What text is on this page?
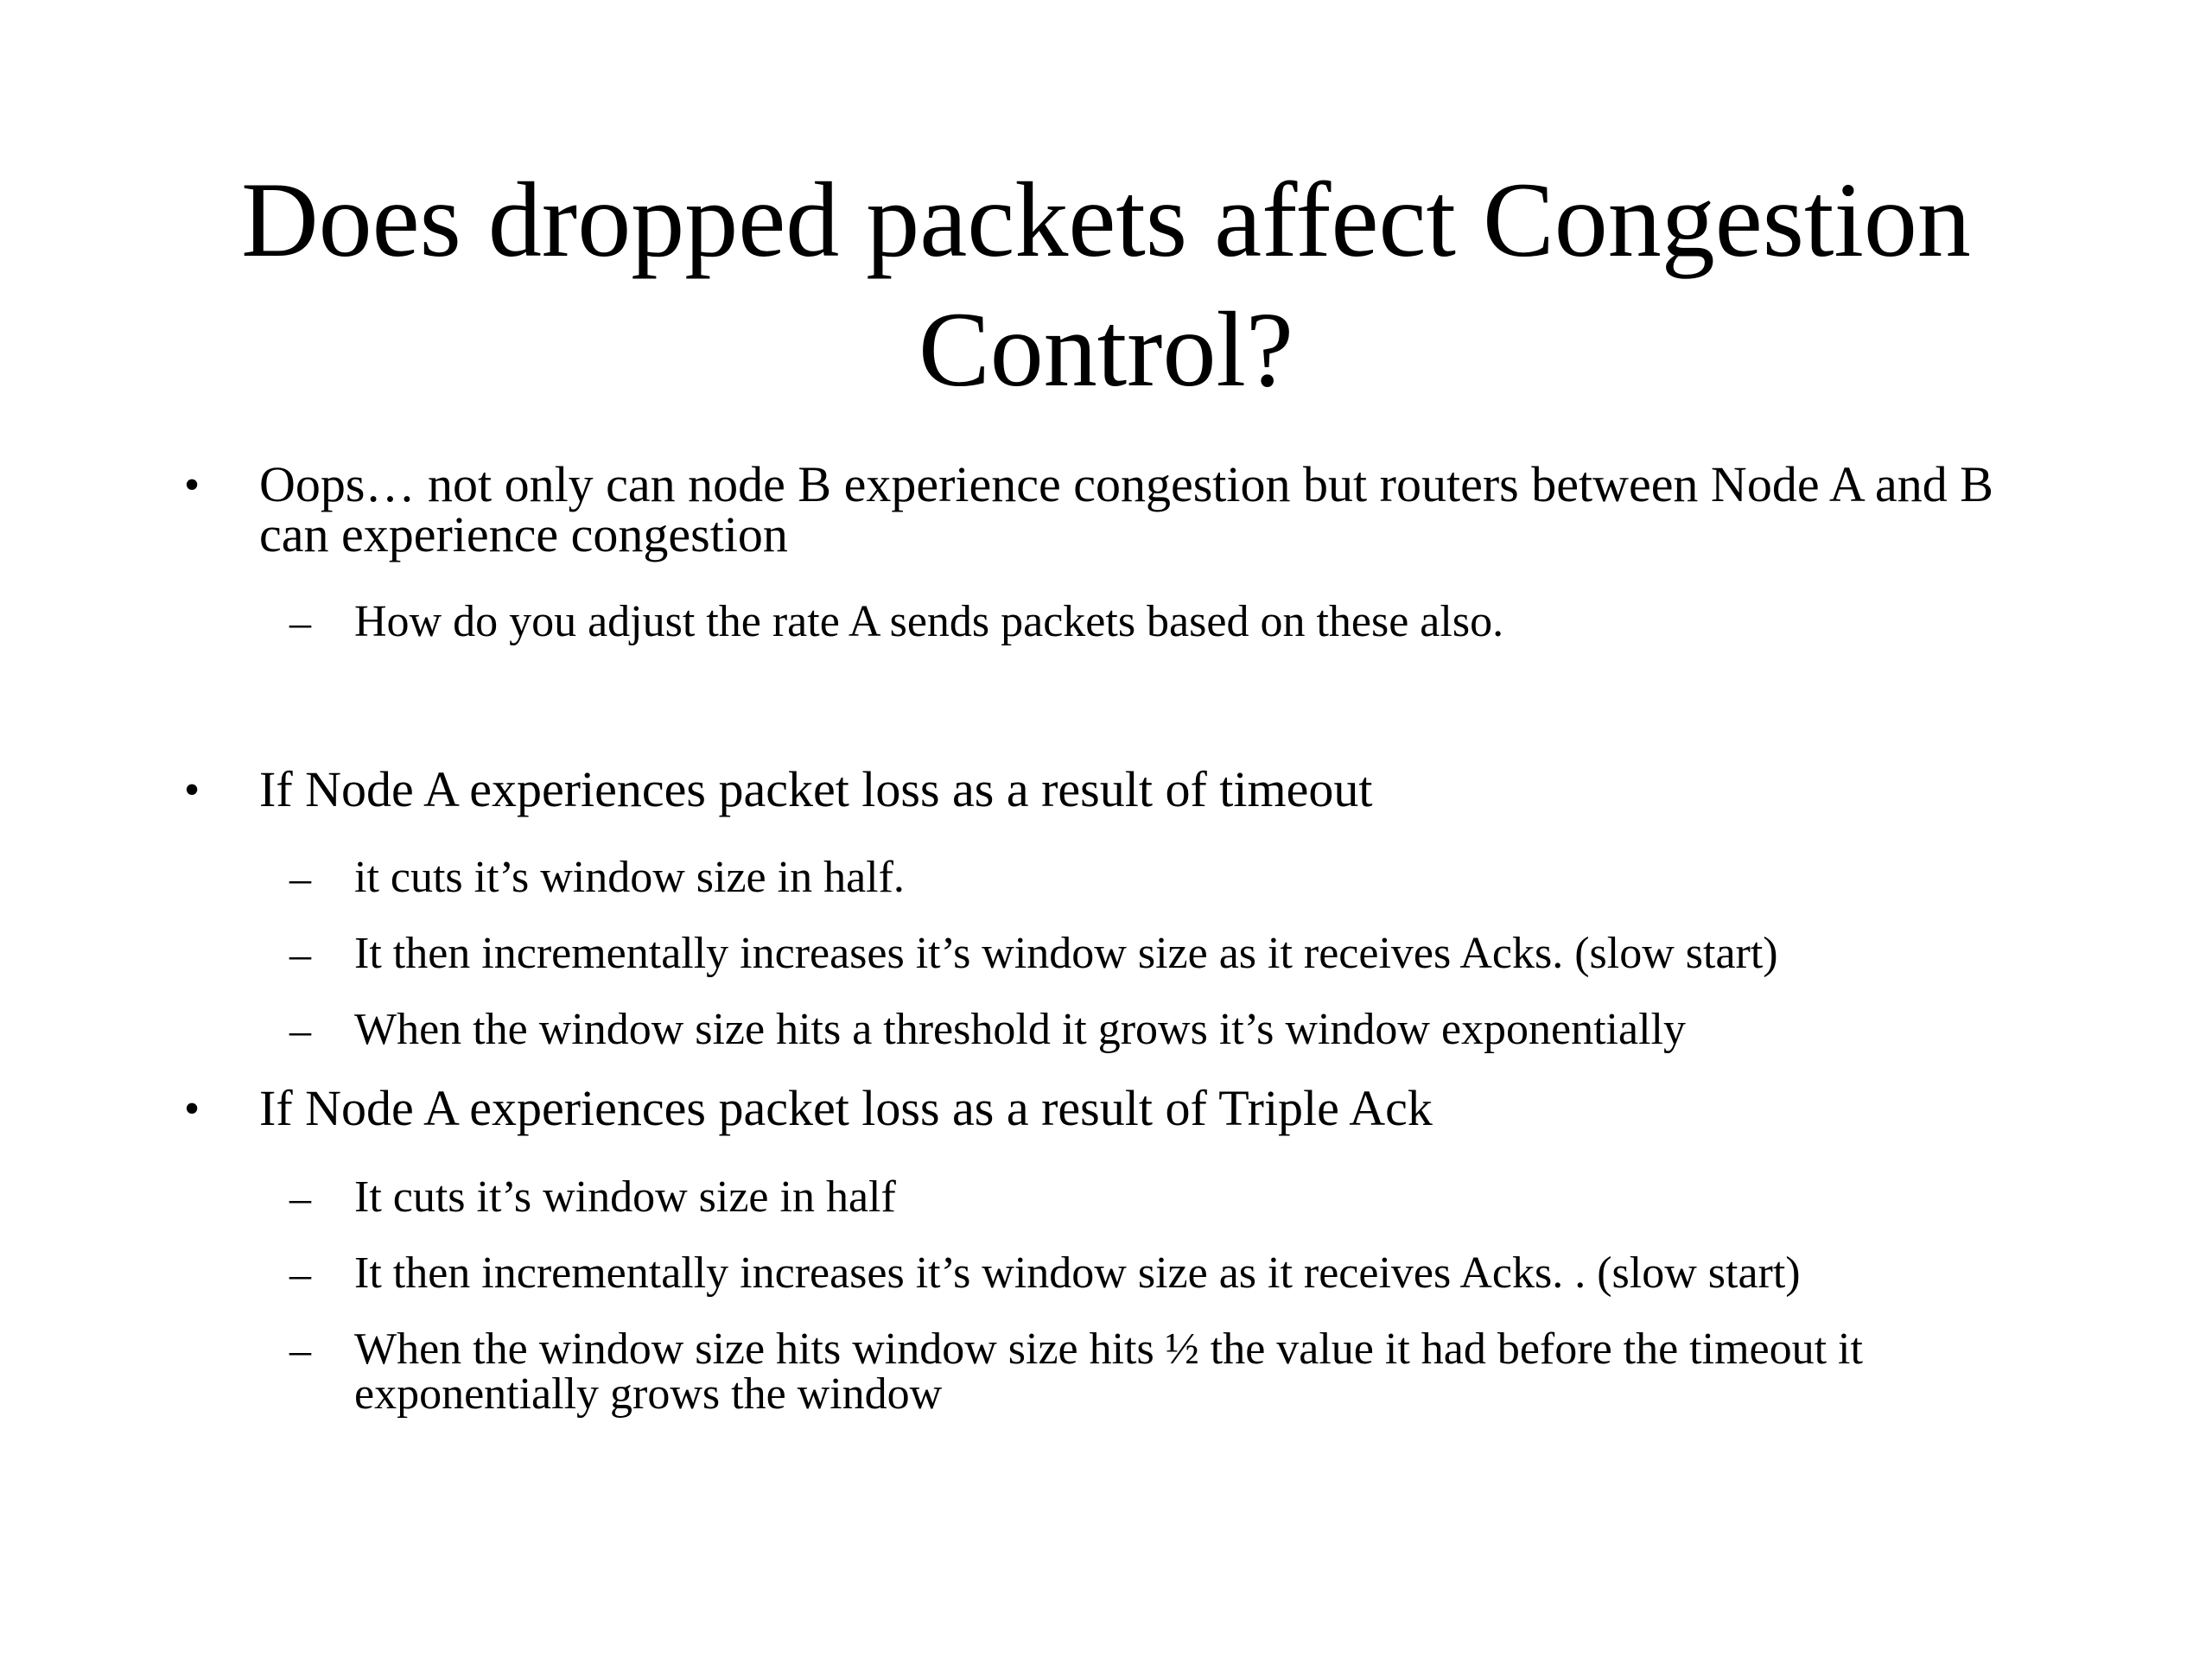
Does dropped packets affect Congestion Control?
• Oops… not only can node B experience congestion but routers between Node A and B can experience congestion

– How do you adjust the rate A sends packets based on these also.

• If Node A experiences packet loss as a result of timeout

– it cuts it’s window size in half.

– It then incrementally increases it’s window size as it receives Acks. (slow start)

– When the window size hits a threshold it grows it’s window exponentially

• If Node A experiences packet loss as a result of Triple Ack

– It cuts it’s window size in half

– It then incrementally increases it’s window size as it receives Acks. . (slow start)

– When the window size hits window size hits ½ the value it had before the timeout it exponentially grows the window
